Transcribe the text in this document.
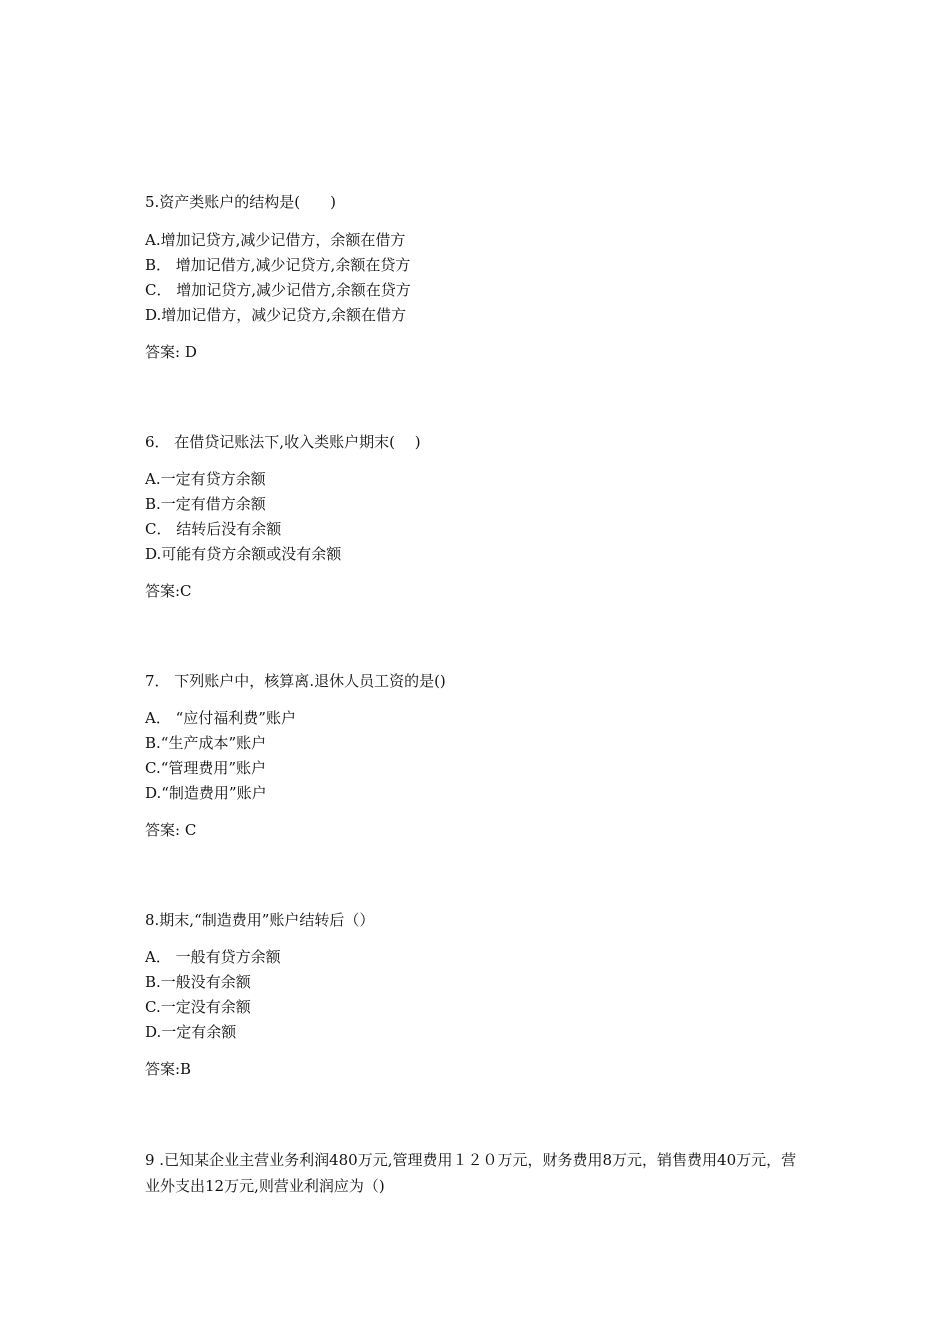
5.资产类账户的结构是(　　)
A.增加记贷方,减少记借方，余额在借方
B． 增加记借方,减少记贷方,余额在贷方
C． 增加记贷方,减少记借方,余额在贷方
D.增加记借方，减少记贷方,余额在借方
答案: D
6． 在借贷记账法下,收入类账户期末(　 )
A.一定有贷方余额
B.一定有借方余额
C． 结转后没有余额
D.可能有贷方余额或没有余额
答案:C
7． 下列账户中，核算离.退休人员工资的是()
A． “应付福利费”账户
B.“生产成本”账户
C.“管理费用”账户
D.“制造费用”账户
答案: C
8.期末,“制造费用”账户结转后（）
A． 一般有贷方余额
B.一般没有余额
C.一定没有余额
D.一定有余额
答案:B
9 .已知某企业主营业务利润480万元,管理费用１２０万元，财务费用8万元，销售费用40万元，营业外支出12万元,则营业利润应为（)
